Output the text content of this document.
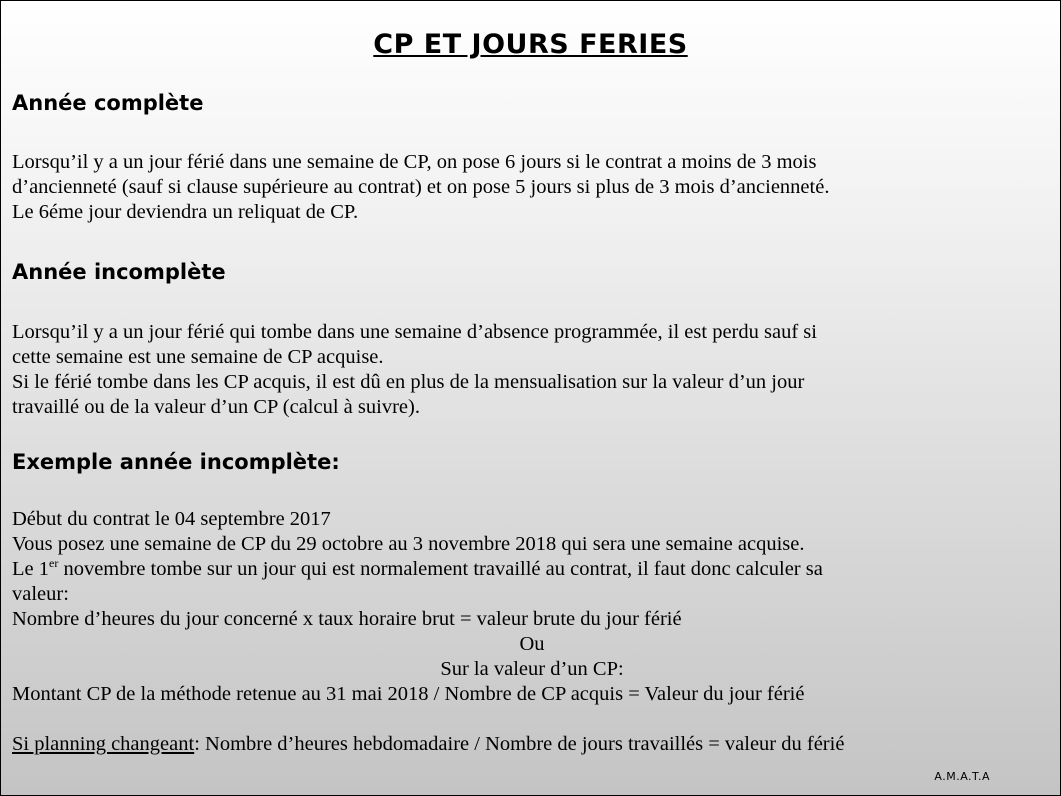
CP ET JOURS FERIES
Année complète
Lorsqu’il y a un jour férié dans une semaine de CP, on pose 6 jours si le contrat a moins de 3 mois
d’ancienneté (sauf si clause supérieure au contrat) et on pose 5 jours si plus de 3 mois d’ancienneté.
Le 6éme jour deviendra un reliquat de CP.
Année incomplète
Lorsqu’il y a un jour férié qui tombe dans une semaine d’absence programmée, il est perdu sauf si
cette semaine est une semaine de CP acquise.
Si le férié tombe dans les CP acquis, il est dû en plus de la mensualisation sur la valeur d’un jour
travaillé ou de la valeur d’un CP (calcul à suivre).
Exemple année incomplète:
Début du contrat le 04 septembre 2017
Vous posez une semaine de CP du 29 octobre au 3 novembre 2018 qui sera une semaine acquise.
Le 1er novembre tombe sur un jour qui est normalement travaillé au contrat, il faut donc calculer sa
valeur:
Nombre d’heures du jour concerné x taux horaire brut = valeur brute du jour férié
Ou
Sur la valeur d’un CP:
Montant CP de la méthode retenue au 31 mai 2018 / Nombre de CP acquis = Valeur du jour férié
Si planning changeant: Nombre d’heures hebdomadaire / Nombre de jours travaillés = valeur du férié
A.M.A.T.A
